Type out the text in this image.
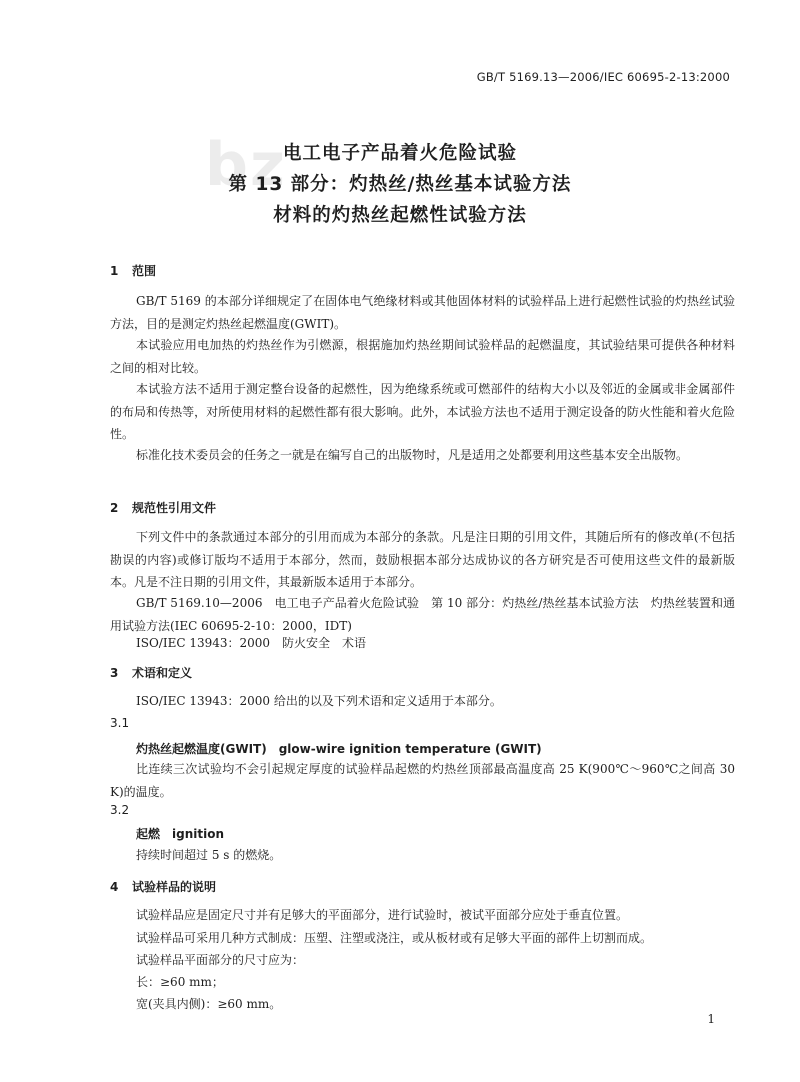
bz
GB/T 5169.13—2006/IEC 60695-2-13:2000
电工电子产品着火危险试验
第 13 部分：灼热丝/热丝基本试验方法
材料的灼热丝起燃性试验方法
1 范围
GB/T 5169 的本部分详细规定了在固体电气绝缘材料或其他固体材料的试验样品上进行起燃性试验的灼热丝试验方法，目的是测定灼热丝起燃温度(GWIT)。
本试验应用电加热的灼热丝作为引燃源，根据施加灼热丝期间试验样品的起燃温度，其试验结果可提供各种材料之间的相对比较。
本试验方法不适用于测定整台设备的起燃性，因为绝缘系统或可燃部件的结构大小以及邻近的金属或非金属部件的布局和传热等，对所使用材料的起燃性都有很大影响。此外，本试验方法也不适用于测定设备的防火性能和着火危险性。
标准化技术委员会的任务之一就是在编写自己的出版物时，凡是适用之处都要利用这些基本安全出版物。
2 规范性引用文件
下列文件中的条款通过本部分的引用而成为本部分的条款。凡是注日期的引用文件，其随后所有的修改单(不包括勘误的内容)或修订版均不适用于本部分，然而，鼓励根据本部分达成协议的各方研究是否可使用这些文件的最新版本。凡是不注日期的引用文件，其最新版本适用于本部分。
GB/T 5169.10—2006　电工电子产品着火危险试验　第 10 部分：灼热丝/热丝基本试验方法　灼热丝装置和通用试验方法(IEC 60695-2-10：2000，IDT)
ISO/IEC 13943：2000　防火安全　术语
3 术语和定义
ISO/IEC 13943：2000 给出的以及下列术语和定义适用于本部分。
3.1
灼热丝起燃温度(GWIT)　glow-wire ignition temperature (GWIT)
比连续三次试验均不会引起规定厚度的试验样品起燃的灼热丝顶部最高温度高 25 K(900℃～960℃之间高 30 K)的温度。
3.2
起燃　ignition
持续时间超过 5 s 的燃烧。
4 试验样品的说明
试验样品应是固定尺寸并有足够大的平面部分，进行试验时，被试平面部分应处于垂直位置。
试验样品可采用几种方式制成：压塑、注塑或浇注，或从板材或有足够大平面的部件上切割而成。
试验样品平面部分的尺寸应为：
长：≥60 mm；
宽(夹具内侧)：≥60 mm。
1
